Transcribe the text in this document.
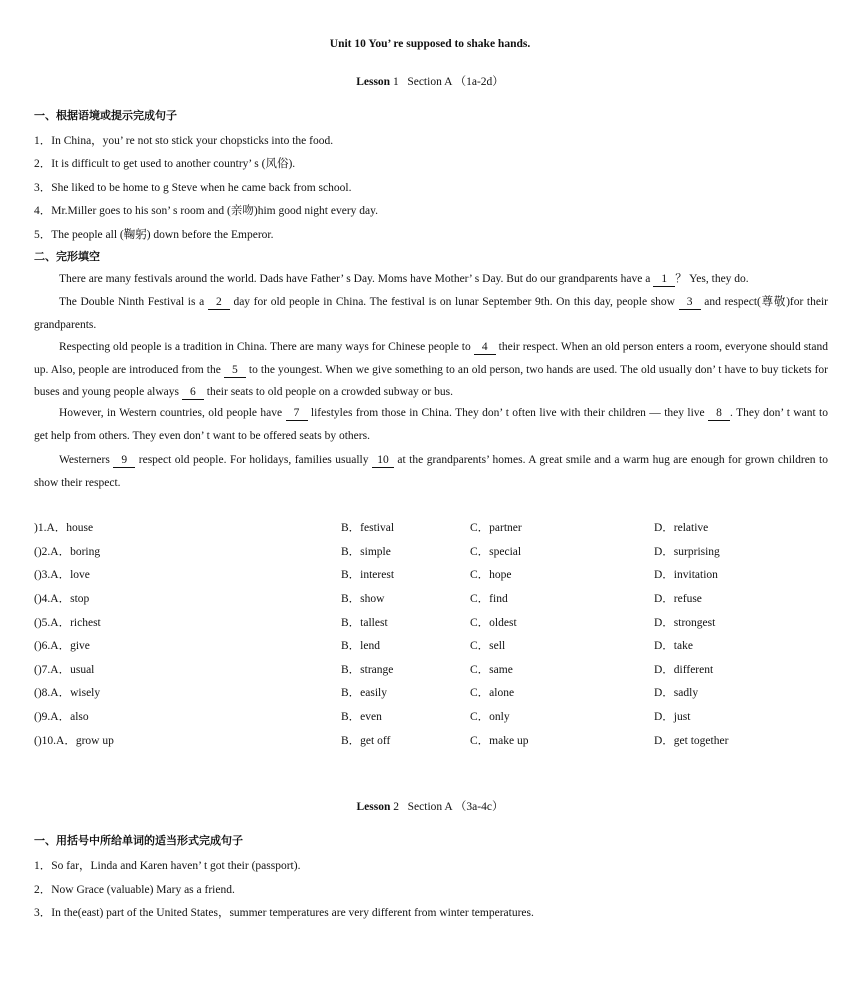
Unit 10 You’ re supposed to shake hands.
Lesson 1 Section A （1a-2d）
一、根据语境或提示完成句子
1．In China，you’ re not sto stick your chopsticks into the food.
2．It is difficult to get used to another country’ s (风俗).
3．She liked to be home to g Steve when he came back from school.
4．Mr.Miller goes to his son’ s room and (亲吻)him good night every day.
5．The people all (鞠躬) down before the Emperor.
二、完形填空
There are many festivals around the world. Dads have Father’ s Day. Moms have Mother’ s Day. But do our grandparents have a 1 ？ Yes, they do.
The Double Ninth Festival is a 2 day for old people in China. The festival is on lunar September 9th. On this day, people show 3 and respect(尊敬)for their grandparents.
Respecting old people is a tradition in China. There are many ways for Chinese people to 4 their respect. When an old person enters a room, everyone should stand up. Also, people are introduced from the 5 to the youngest. When we give something to an old person, two hands are used. The old usually don’ t have to buy tickets for buses and young people always 6 their seats to old people on a crowded subway or bus.
However, in Western countries, old people have 7 lifestyles from those in China. They don’ t often live with their children — they live 8 . They don’ t want to get help from others. They even don’ t want to be offered seats by others.
Westerners 9 respect old people. For holidays, families usually 10 at the grandparents’ homes. A great smile and a warm hug are enough for grown children to show their respect.
)1.A．house	B．festival	C．partner	D．relative
()2.A．boring	B．simple	C．special	D．surprising
()3.A．love	B．interest	C．hope	D．invitation
()4.A．stop	B．show	C．find	D．refuse
()5.A．richest	B．tallest	C．oldest	D．strongest
()6.A．give	B．lend	C．sell	D．take
()7.A．usual	B．strange	C．same	D．different
()8.A．wisely	B．easily	C．alone	D．sadly
()9.A．also	B．even	C．only	D．just
()10.A．grow up	B．get off	C．make up	D．get together
Lesson 2 Section A （3a-4c）
一、用括号中所给单词的适当形式完成句子
1．So far，Linda and Karen haven’ t got their (passport).
2．Now Grace (valuable) Mary as a friend.
3．In the(east) part of the United States，summer temperatures are very different from winter temperatures.
